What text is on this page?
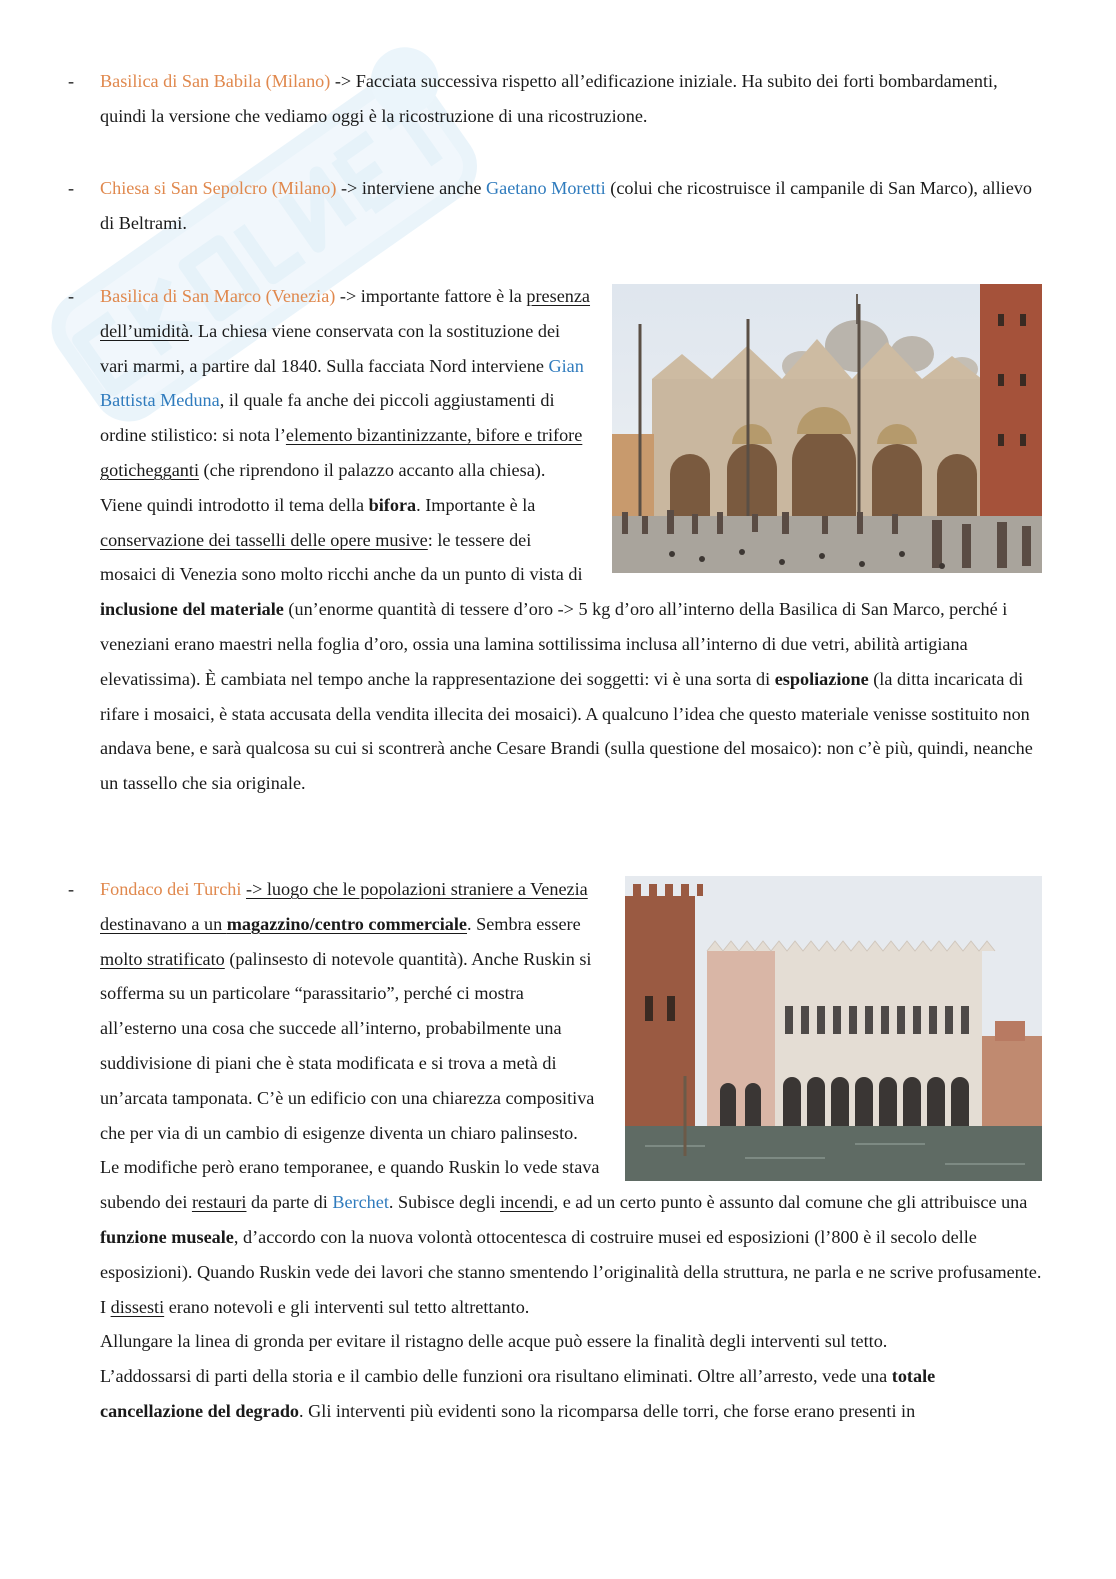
- Basilica di San Babila (Milano) -> Facciata successiva rispetto all’edificazione iniziale. Ha subito dei forti bombardamenti, quindi la versione che vediamo oggi è la ricostruzione di una ricostruzione.
- Chiesa si San Sepolcro (Milano) -> interviene anche Gaetano Moretti (colui che ricostruisce il campanile di San Marco), allievo di Beltrami.
- Basilica di San Marco (Venezia) -> importante fattore è la presenza dell’umidità. La chiesa viene conservata con la sostituzione dei vari marmi, a partire dal 1840. Sulla facciata Nord interviene Gian Battista Meduna, il quale fa anche dei piccoli aggiustamenti di ordine stilistico: si nota l’elemento bizantinizzante, bifore e trifore gotichegganti (che riprendono il palazzo accanto alla chiesa). Viene quindi introdotto il tema della bifora. Importante è la conservazione dei tasselli delle opere musive: le tessere dei mosaici di Venezia sono molto ricchi anche da un punto di vista di inclusione del materiale (un’enorme quantità di tessere d’oro -> 5 kg d’oro all’interno della Basilica di San Marco, perché i veneziani erano maestri nella foglia d’oro, ossia una lamina sottilissima inclusa all’interno di due vetri, abilità artigiana elevatissima). È cambiata nel tempo anche la rappresentazione dei soggetti: vi è una sorta di espoliazione (la ditta incaricata di rifare i mosaici, è stata accusata della vendita illecita dei mosaici). A qualcuno l’idea che questo materiale venisse sostituito non andava bene, e sarà qualcosa su cui si scontrerà anche Cesare Brandi (sulla questione del mosaico): non c’è più, quindi, neanche un tassello che sia originale.
- Fondaco dei Turchi -> luogo che le popolazioni straniere a Venezia destinavano a un magazzino/centro commerciale. Sembra essere molto stratificato (palinsesto di notevole quantità). Anche Ruskin si sofferma su un particolare “parassitario”, perché ci mostra all’esterno una cosa che succede all’interno, probabilmente una suddivisione di piani che è stata modificata e si trova a metà di un’arcata tamponata. C’è un edificio con una chiarezza compositiva che per via di un cambio di esigenze diventa un chiaro palinsesto.
Le modifiche però erano temporanee, e quando Ruskin lo vede stava subendo dei restauri da parte di Berchet. Subisce degli incendi, e ad un certo punto è assunto dal comune che gli attribuisce una funzione museale, d’accordo con la nuova volontà ottocentesca di costruire musei ed esposizioni (l’800 è il secolo delle esposizioni). Quando Ruskin vede dei lavori che stanno smentendo l’originalità della struttura, ne parla e ne scrive profusamente. I dissesti erano notevoli e gli interventi sul tetto altrettanto.
Allungare la linea di gronda per evitare il ristagno delle acque può essere la finalità degli interventi sul tetto.
L’addossarsi di parti della storia e il cambio delle funzioni ora risultano eliminati. Oltre all’arresto, vede una totale cancellazione del degrado. Gli interventi più evidenti sono la ricomparsa delle torri, che forse erano presenti in
